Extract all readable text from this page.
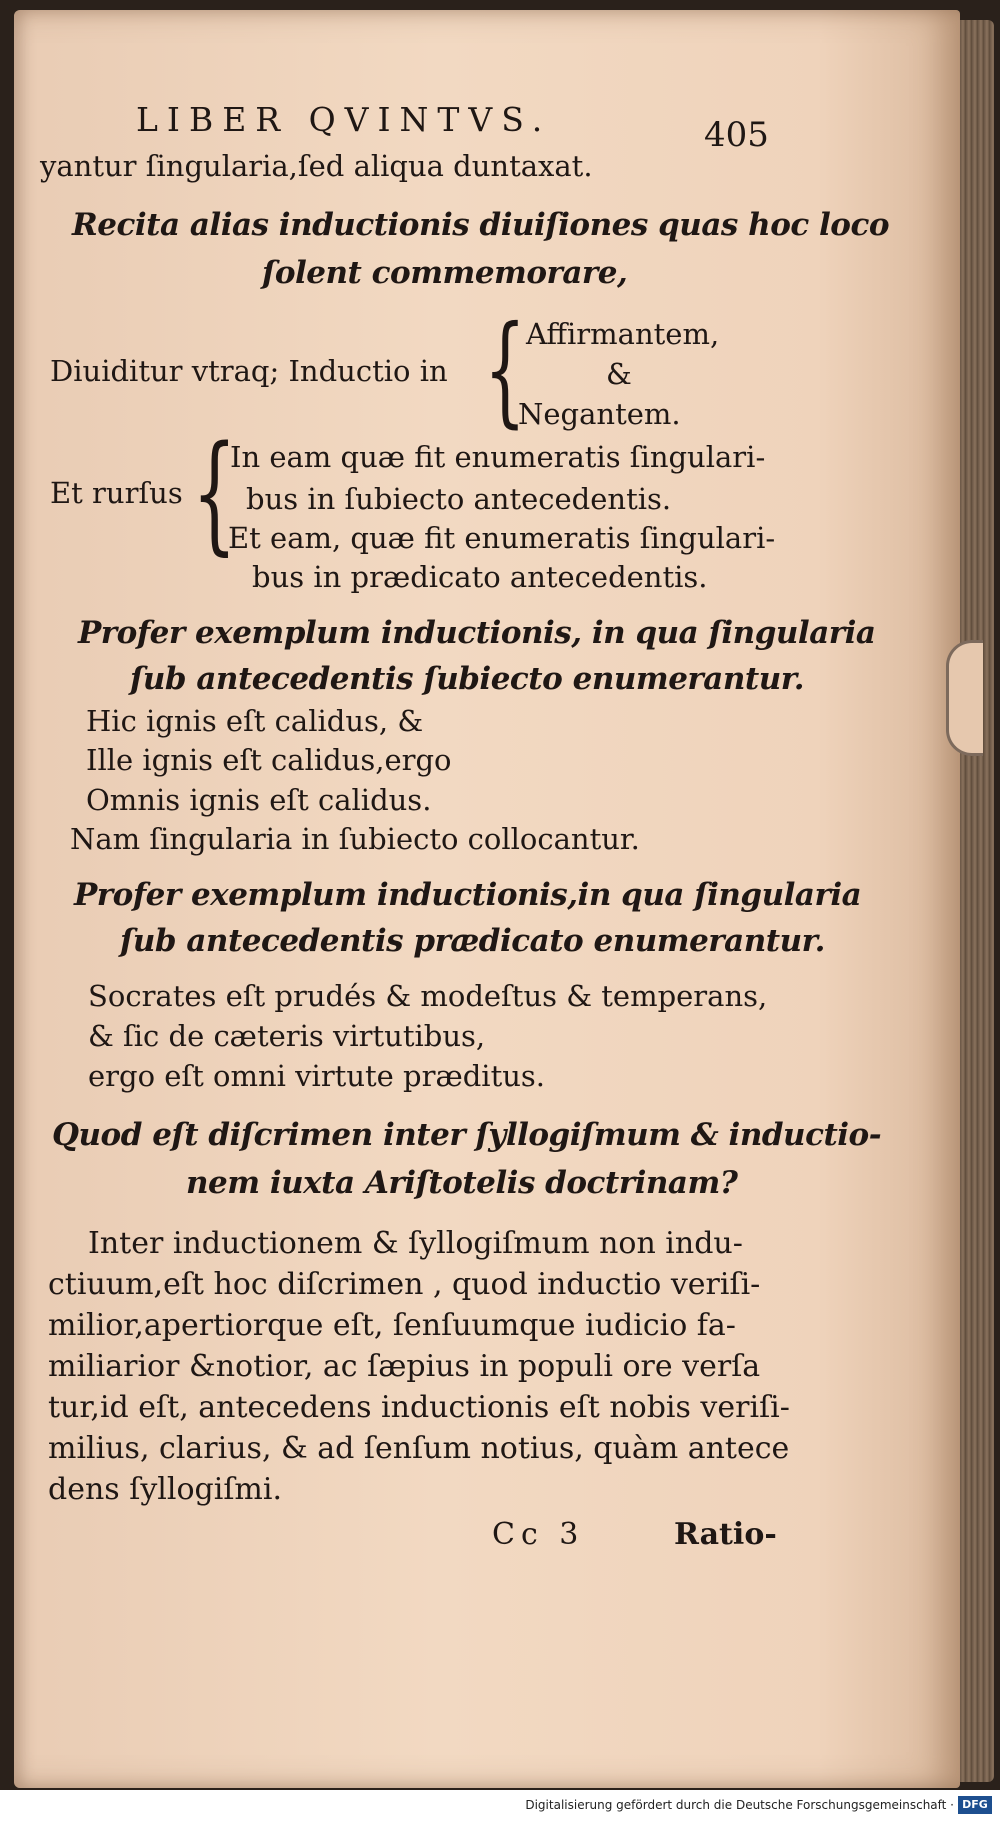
LIBER QVINTVS.	405
yantur ſingularia,ſed aliqua duntaxat.
Recita alias inductionis diuiſiones quas hoc loco
ſolent commemorare,
Diuiditur vtraq; Inductio in { Affirmantem,
&
Negantem.
Et rurſus {
In eam quæ fit enumeratis ſingulari-
bus in ſubiecto antecedentis.
Et eam, quæ fit enumeratis ſingulari-
bus in prædicato antecedentis.
Profer exemplum inductionis, in qua ſingularia
ſub antecedentis ſubiecto enumerantur.
Hic ignis eſt calidus, &
Ille ignis eſt calidus,ergo
Omnis ignis eſt calidus.
Nam ſingularia in ſubiecto collocantur.
Profer exemplum inductionis,in qua ſingularia
ſub antecedentis prædicato enumerantur.
Socrates eſt prudés & modeſtus & temperans,
& ſic de cæteris virtutibus,
ergo eſt omni virtute præditus.
Quod eſt diſcrimen inter ſyllogiſmum & inductio-
nem iuxta Ariſtotelis doctrinam?
Inter inductionem & ſyllogiſmum non indu-
ctiuum,eſt hoc diſcrimen , quod inductio veriſi-
milior,apertiorque eſt, ſenſuumque iudicio fa-
miliarior &notior, ac ſæpius in populi ore verſa
tur,id eſt, antecedens inductionis eſt nobis veriſi-
milius, clarius, & ad ſenſum notius, quàm antece
dens ſyllogiſmi.
Cc 3	Ratio-
Digitalisierung gefördert durch die Deutsche Forschungsgemeinschaft · DFG
